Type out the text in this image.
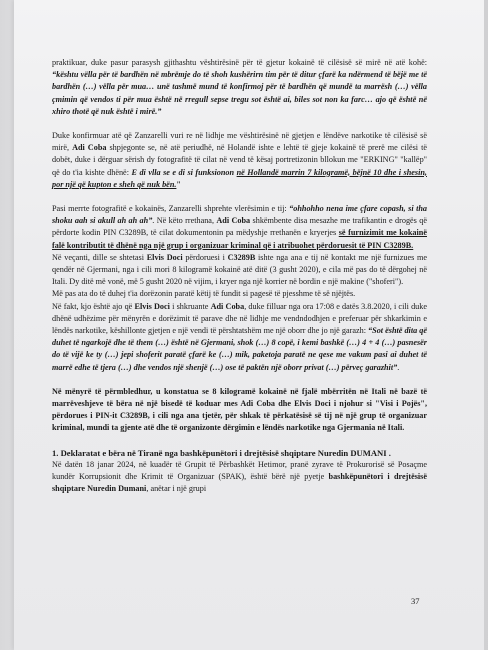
praktikuar, duke pasur parasysh gjithashtu vështirësinë për të gjetur kokainë të cilësisë së mirë në atë kohë: “kështu vëlla për të bardhën në mbrëmje do të shoh kushërirn tim për të ditur çfarë ka ndërmend të bëjë me të bardhën (…) vëlla për mua… unë tashmë mund të konfirmoj për të bardhën që mundë ta marrësh (…) vëlla çmimin që vendos ti për mua është në rregull sepse tregu sot është ai, biles sot non ka farc… ajo që është në xhiro thotë që nuk është i mirë.”

Duke konfirmuar atë që Zanzarelli vuri re në lidhje me vështirësinë në gjetjen e lëndëve narkotike të cilësisë së mirë, Adi Coba shpjegonte se, në atë periudhë, në Holandë ishte e lehtë të gjeje kokainë të prerë me cilësi të dobët, duke i dërguar sërish dy fotografitë të cilat në vend të kësaj portretizonin bllokun me "ERKING" "kallëp" që do t'ia kishte dhënë: E di vlla se e di si funksionon në Hollandë marrin 7 kilogramë, bëjnë 10 dhe i shesin, por një që kupton e sheh që nuk bën."

Pasi merrte fotografitë e kokainës, Zanzarelli shprehte vlerësimin e tij: “ohhohho nena ime çfare copash, si tha shoku aah si akull ah ah ah”. Në këto rrethana, Adi Coba shkëmbente disa mesazhe me trafikantin e drogës që përdorte kodin PIN C3289B, të cilat dokumentonin pa mëdyshje rrethanën e kryerjes së furnizimit me kokainë falë kontributit të dhënë nga një grup i organizuar kriminal që i atribuohet përdoruesit të PIN C3289B.

Në veçanti, dille se shtetasi Elvis Doci përdoruesi i C3289B ishte nga ana e tij në kontakt me një furnizues me qendër në Gjermani, nga i cili mori 8 kilogramë kokainë atë ditë (3 gusht 2020), e cila më pas do të dërgohej në Itali. Dy ditë më vonë, më 5 gusht 2020 në vijim, i kryer nga një korrier në bordin e një makine ("shoferi").

Më pas ata do të duhej t'ia dorëzonin paratë këtij të fundit si pagesë të pjesshme të së njëjtës.

Në fakt, kjo është ajo që Elvis Doci i shkruante Adi Coba, duke filluar nga ora 17:08 e datës 3.8.2020, i cili duke dhënë udhëzime për mënyrën e dorëzimit të paravе dhe në lidhje me vendndodhjen e preferuar për shkarkimin e lëndës narkotike, këshillonte gjetjen e një vendi të përshtatshëm me një oborr dhe jo një garazh: “Sot është dita që duhet të ngarkojë dhe të them (…) është në Gjermani, shok (…) 8 copë, i kemi bashkë (…) 4 + 4 (…) pasnesër do të vijë ke ty (…) jepi shoferit paratë çfarë ke (…) mik, paketoja paratë ne qese me vakum pasi ai duhet të marrë edhe të tjera (…) dhe vendos një shenjë (…) ose të paktën një oborr privat (…) përveç garazhit”.

Në mënyrë të përmbledhur, u konstatua se 8 kilogramë kokainë në fjalë mbërritën në Itali në bazë të marrëveshjeve të bëra në një bisedë të koduar mes Adi Coba dhe Elvis Doci i njohur si "Visi i Pojës", përdorues i PIN-it C3289B, i cili nga ana tjetër, për shkak të përkatësisë së tij në një grup të organizuar kriminal, mundi ta gjente atë dhe të organizonte dërgimin e lëndës narkotike nga Gjermania në Itali.

1. Deklaratat e bëra në Tiranë nga bashkëpunëtori i drejtësisë shqiptare Nuredin DUMANI .

Në datën 18 janar 2024, në kuadër të Grupit të Përbashkët Hetimor, pranë zyrave të Prokurorisë së Posaçme kundër Korrupsionit dhe Krimit të Organizuar (SPAK), është bërë një pyetje bashkëpunëtori i drejtësisë shqiptare Nuredin Dumani, anëtar i një grupi

37
